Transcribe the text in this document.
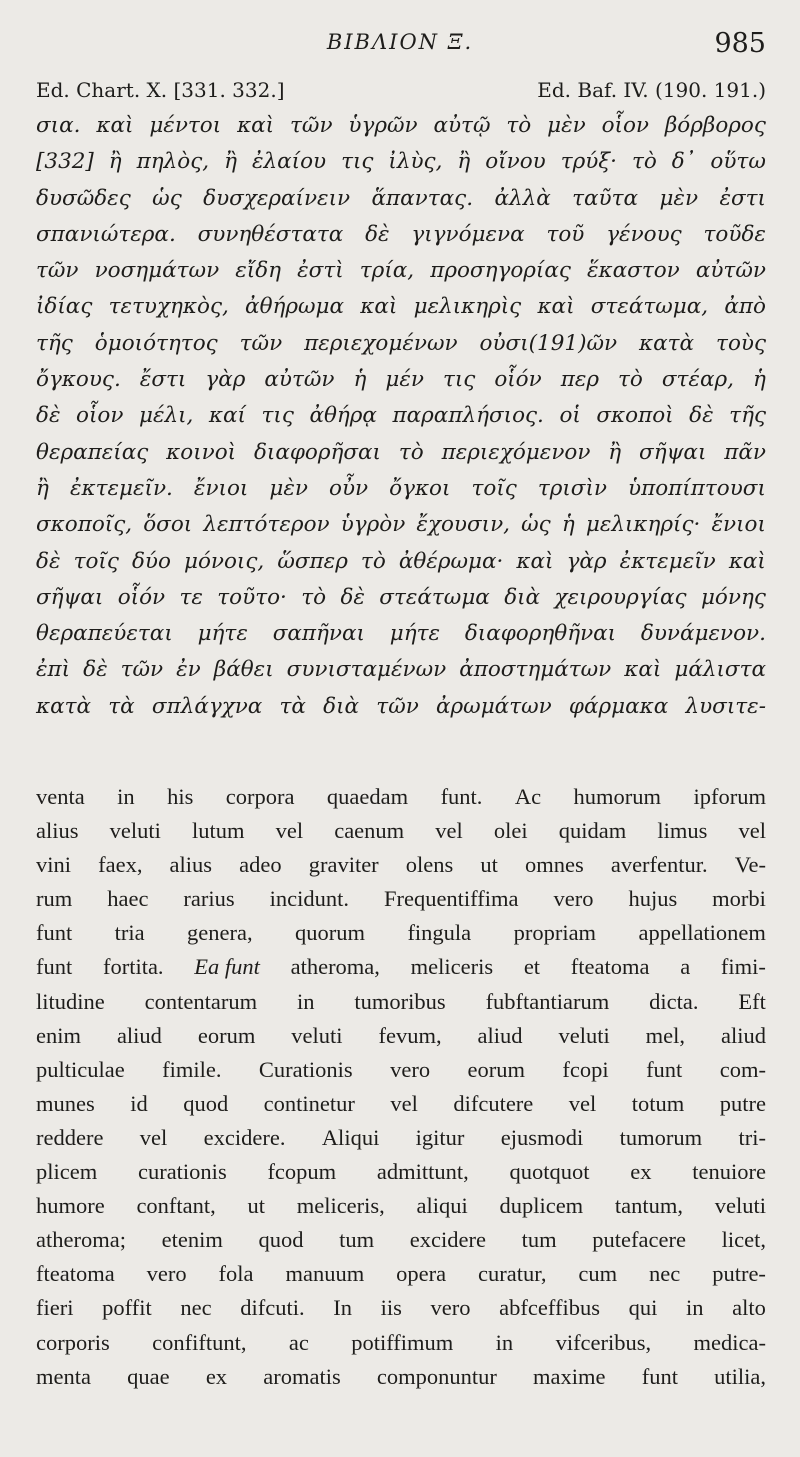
ΒΙΒΛΙΟΝ Ξ.	985
Ed. Chart. X. [331. 332.]	Ed. Baf. IV. (190. 191.)
σια. καὶ μέντοι καὶ τῶν ὑγρῶν αὐτῷ τὸ μὲν οἷον βόρβορος
[332] ἢ πηλὸς, ἢ ἐλαίου τις ἰλὺς, ἢ οἴνου τρύξ· τὸ δ᾽ οὕτω
δυσῶδες ὡς δυσχεραίνειν ἅπαντας. ἀλλὰ ταῦτα μὲν ἐστι
σπανιώτερα. συνηθέστατα δὲ γιγνόμενα τοῦ γένους τοῦδε
τῶν νοσημάτων εἴδη ἐστὶ τρία, προσηγορίας ἕκαστον αὐτῶν
ἰδίας τετυχηκὸς, ἀθήρωμα καὶ μελικηρὶς καὶ στεάτωμα, ἀπὸ
τῆς ὁμοιότητος τῶν περιεχομένων οὐσι(191)ῶν κατὰ τοὺς
ὄγκους. ἔστι γὰρ αὐτῶν ἡ μέν τις οἷόν περ τὸ στέαρ, ἡ
δὲ οἷον μέλι, καί τις ἀθήρᾳ παραπλήσιος. οἱ σκοποὶ δὲ τῆς
θεραπείας κοινοὶ διαφορῆσαι τὸ περιεχόμενον ἢ σῆψαι πᾶν
ἢ ἐκτεμεῖν. ἔνιοι μὲν οὖν ὄγκοι τοῖς τρισὶν ὑποπίπτουσι
σκοποῖς, ὅσοι λεπτότερον ὑγρὸν ἔχουσιν, ὡς ἡ μελικηρίς· ἔνιοι
δὲ τοῖς δύο μόνοις, ὥσπερ τὸ ἀθέρωμα· καὶ γὰρ ἐκτεμεῖν καὶ
σῆψαι οἷόν τε τοῦτο· τὸ δὲ στεάτωμα διὰ χειρουργίας μόνης
θεραπεύεται μήτε σαπῆναι μήτε διαφορηθῆναι δυνάμενον.
ἐπὶ δὲ τῶν ἐν βάθει συνισταμένων ἀποστημάτων καὶ μάλιστα
κατὰ τὰ σπλάγχνα τὰ διὰ τῶν ἀρωμάτων φάρμακα λυσιτε-
venta in his corpora quaedam funt. Ac humorum ipforum
alius veluti lutum vel caenum vel olei quidam limus vel
vini faex, alius adeo graviter olens ut omnes averfentur. Ve-
rum haec rarius incidunt. Frequentiffima vero hujus morbi
funt tria genera, quorum fingula propriam appellationem
funt fortita. Ea funt atheroma, meliceris et fteatoma a fimi-
litudine contentarum in tumoribus fubftantiarum dicta. Eft
enim aliud eorum veluti fevum, aliud veluti mel, aliud
pulticulae fimile. Curationis vero eorum fcopi funt com-
munes id quod continetur vel difcutere vel totum putre
reddere vel excidere. Aliqui igitur ejusmodi tumorum tri-
plicem curationis fcopum admittunt, quotquot ex tenuiore
humore conftant, ut meliceris, aliqui duplicem tantum, veluti
atheroma; etenim quod tum excidere tum putefacere licet,
fteatoma vero fola manuum opera curatur, cum nec putre-
fieri poffit nec difcuti. In iis vero abfceffibus qui in alto
corporis confiftunt, ac potiffimum in vifceribus, medica-
menta quae ex aromatis componuntur maxime funt utilia,
